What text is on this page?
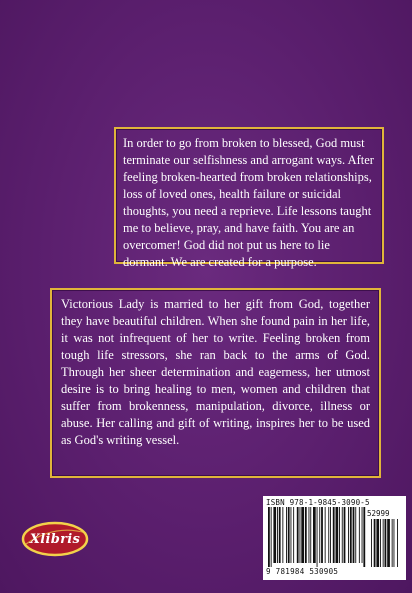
In order to go from broken to blessed, God must terminate our selfishness and arrogant ways. After feeling broken-hearted from broken relationships, loss of loved ones, health failure or suicidal thoughts, you need a reprieve. Life lessons taught me to believe, pray, and have faith. You are an overcomer! God did not put us here to lie dormant. We are created for a purpose.
Victorious Lady is married to her gift from God, together they have beautiful children. When she found pain in her life, it was not infrequent of her to write. Feeling broken from tough life stressors, she ran back to the arms of God. Through her sheer determination and eagerness, her utmost desire is to bring healing to men, women and children that suffer from brokenness, manipulation, divorce, illness or abuse. Her calling and gift of writing, inspires her to be used as God's writing vessel.
Xlibris
ISBN 978-1-9845-3090-5
52999
9 781984 530905
